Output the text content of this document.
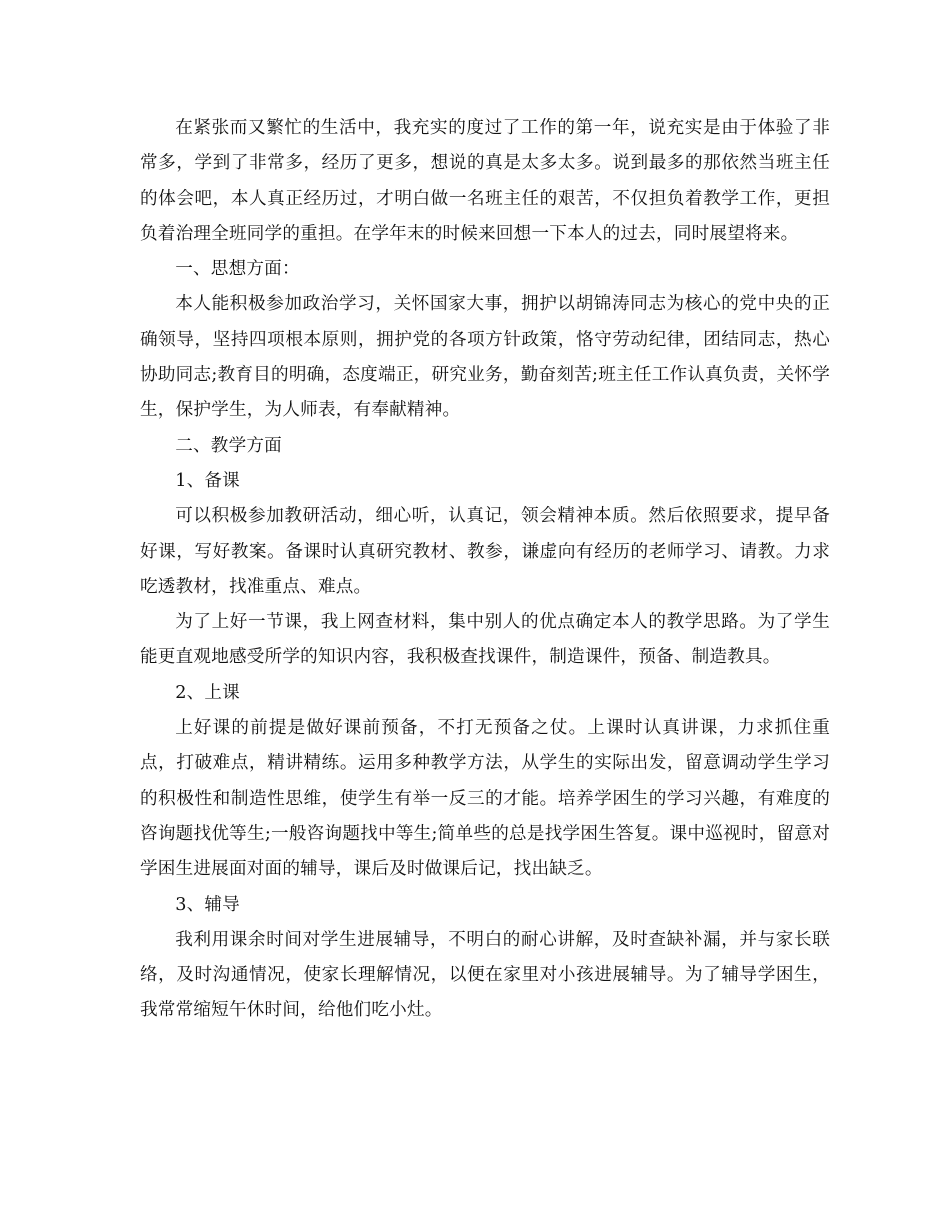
在紧张而又繁忙的生活中，我充实的度过了工作的第一年，说充实是由于体验了非常多，学到了非常多，经历了更多，想说的真是太多太多。说到最多的那依然当班主任的体会吧，本人真正经历过，才明白做一名班主任的艰苦，不仅担负着教学工作，更担负着治理全班同学的重担。在学年末的时候来回想一下本人的过去，同时展望将来。

一、思想方面：

本人能积极参加政治学习，关怀国家大事，拥护以胡锦涛同志为核心的党中央的正确领导，坚持四项根本原则，拥护党的各项方针政策，恪守劳动纪律，团结同志，热心协助同志;教育目的明确，态度端正，研究业务，勤奋刻苦;班主任工作认真负责，关怀学生，保护学生，为人师表，有奉献精神。

二、教学方面

1、备课

可以积极参加教研活动，细心听，认真记，领会精神本质。然后依照要求，提早备好课，写好教案。备课时认真研究教材、教参，谦虚向有经历的老师学习、请教。力求吃透教材，找准重点、难点。

为了上好一节课，我上网查材料，集中别人的优点确定本人的教学思路。为了学生能更直观地感受所学的知识内容，我积极查找课件，制造课件，预备、制造教具。

2、上课

上好课的前提是做好课前预备，不打无预备之仗。上课时认真讲课，力求抓住重点，打破难点，精讲精练。运用多种教学方法，从学生的实际出发，留意调动学生学习的积极性和制造性思维，使学生有举一反三的才能。培养学困生的学习兴趣，有难度的咨询题找优等生;一般咨询题找中等生;简单些的总是找学困生答复。课中巡视时，留意对学困生进展面对面的辅导，课后及时做课后记，找出缺乏。

3、辅导

我利用课余时间对学生进展辅导，不明白的耐心讲解，及时查缺补漏，并与家长联络，及时沟通情况，使家长理解情况，以便在家里对小孩进展辅导。为了辅导学困生，我常常缩短午休时间，给他们吃小灶。
